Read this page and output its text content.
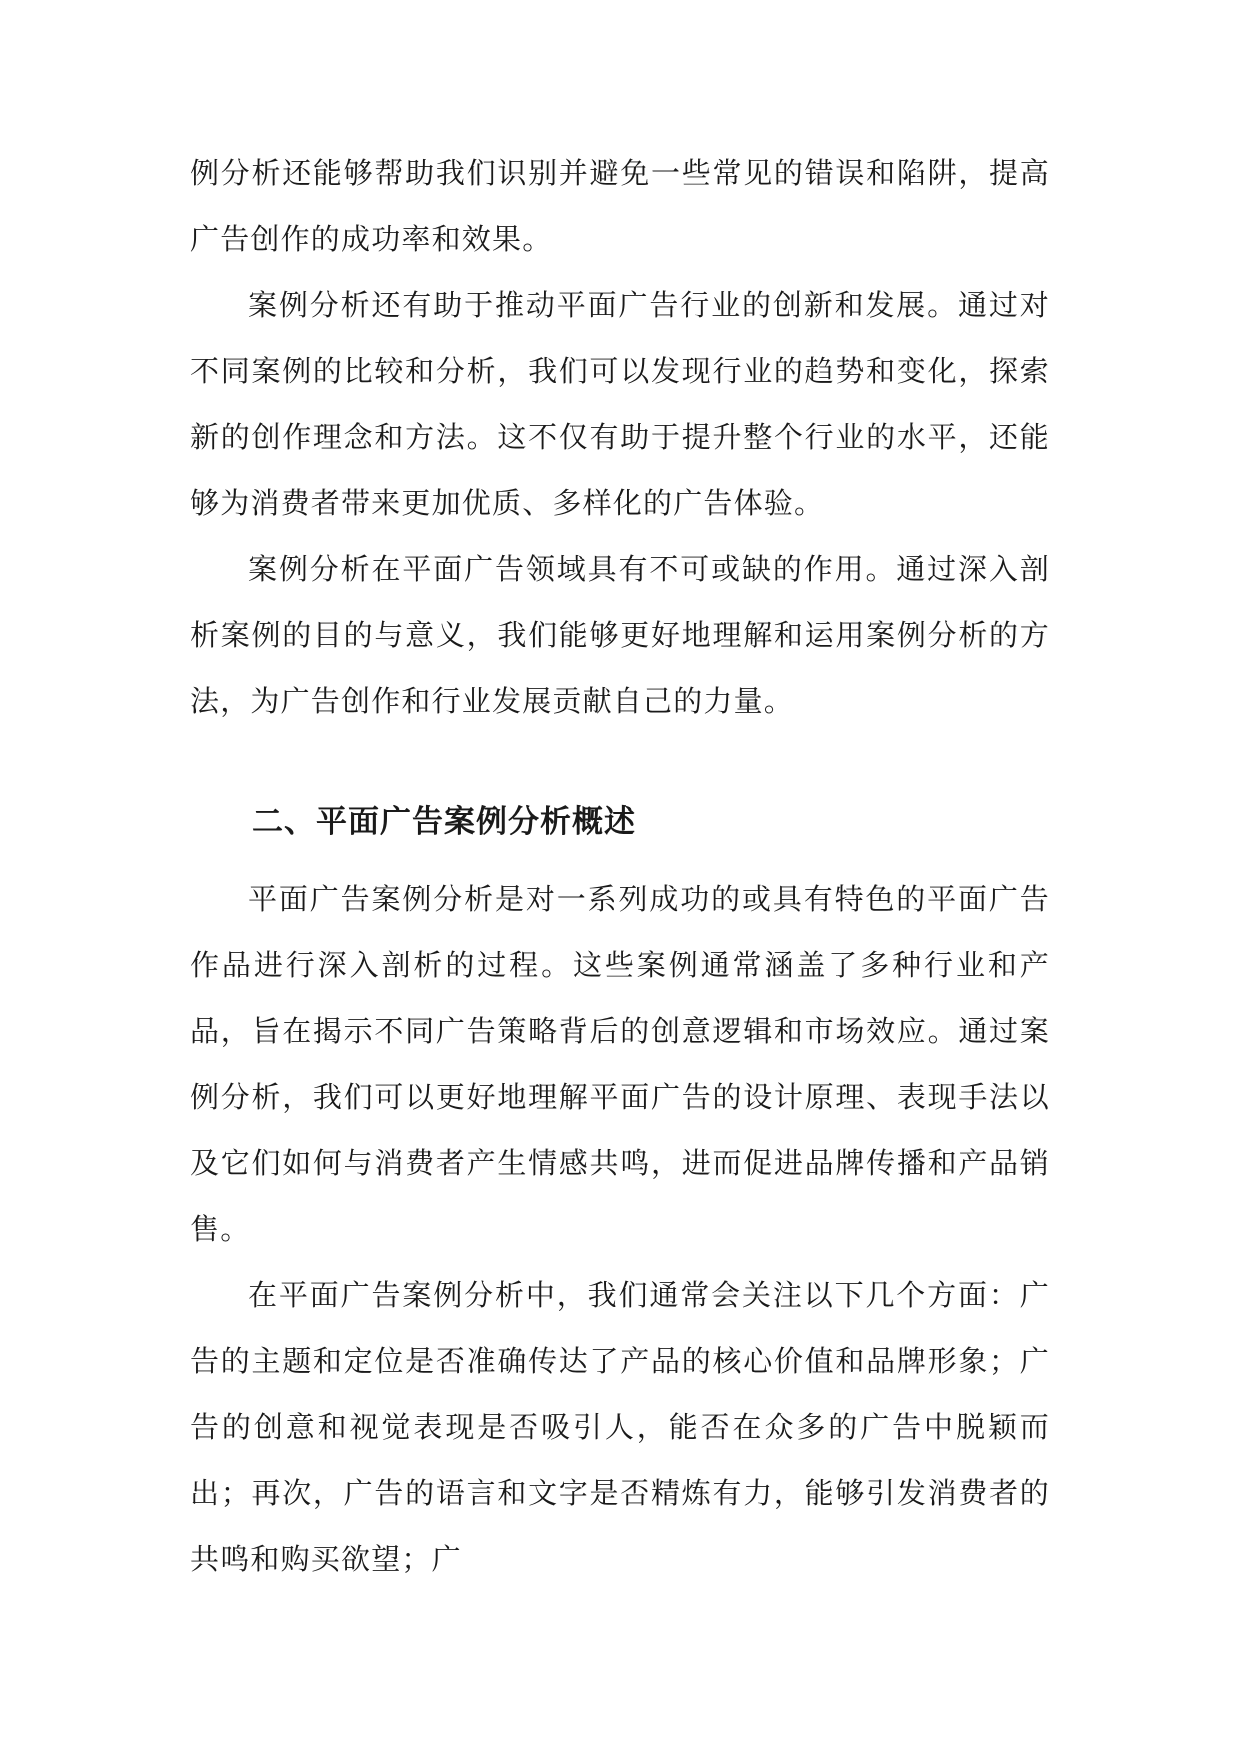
例分析还能够帮助我们识别并避免一些常见的错误和陷阱，提高广告创作的成功率和效果。

案例分析还有助于推动平面广告行业的创新和发展。通过对不同案例的比较和分析，我们可以发现行业的趋势和变化，探索新的创作理念和方法。这不仅有助于提升整个行业的水平，还能够为消费者带来更加优质、多样化的广告体验。

案例分析在平面广告领域具有不可或缺的作用。通过深入剖析案例的目的与意义，我们能够更好地理解和运用案例分析的方法，为广告创作和行业发展贡献自己的力量。

二、平面广告案例分析概述

平面广告案例分析是对一系列成功的或具有特色的平面广告作品进行深入剖析的过程。这些案例通常涵盖了多种行业和产品，旨在揭示不同广告策略背后的创意逻辑和市场效应。通过案例分析，我们可以更好地理解平面广告的设计原理、表现手法以及它们如何与消费者产生情感共鸣，进而促进品牌传播和产品销售。

在平面广告案例分析中，我们通常会关注以下几个方面：广告的主题和定位是否准确传达了产品的核心价值和品牌形象；广告的创意和视觉表现是否吸引人，能否在众多的广告中脱颖而出；再次，广告的语言和文字是否精炼有力，能够引发消费者的共鸣和购买欲望；广
